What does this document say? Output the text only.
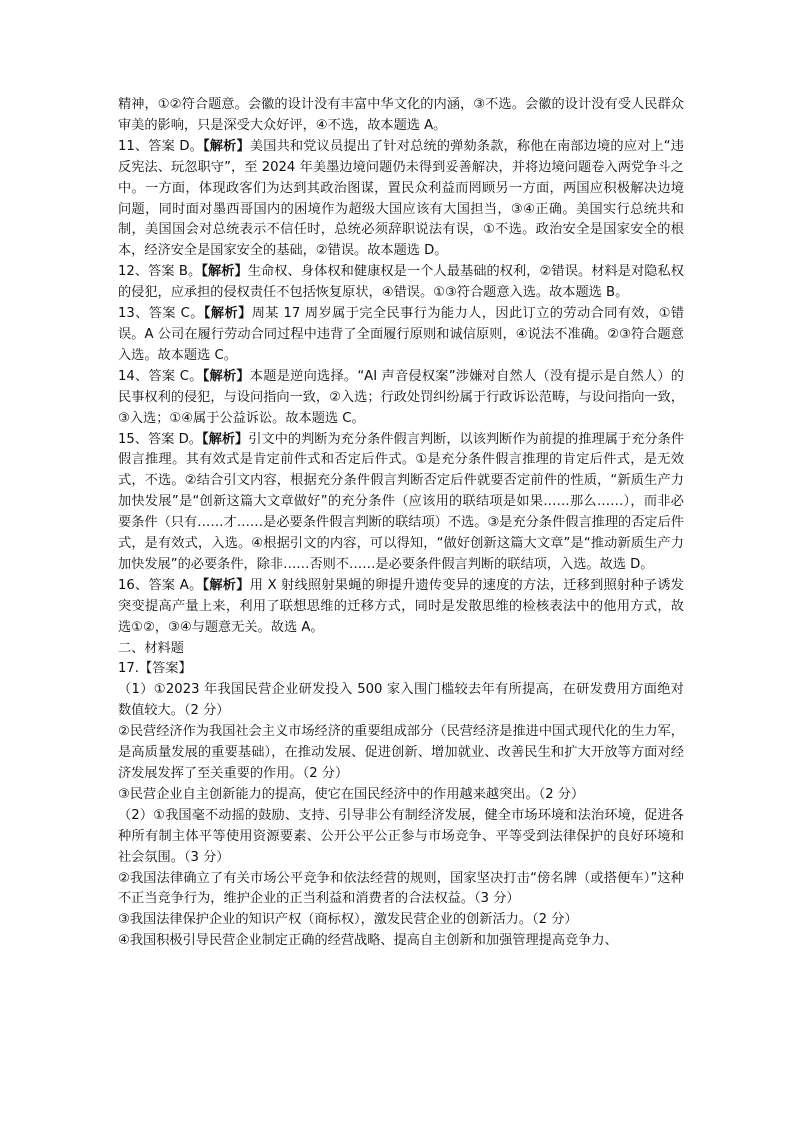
精神，①②符合题意。会徽的设计没有丰富中华文化的内涵，③不选。会徽的设计没有受人民群众审美的影响，只是深受大众好评，④不选，故本题选 A。

11、答案 D。【解析】美国共和党议员提出了针对总统的弹劾条款，称他在南部边境的应对上“违反宪法、玩忽职守”，至 2024 年美墨边境问题仍未得到妥善解决，并将边境问题卷入两党争斗之中。一方面，体现政客们为达到其政治图谋，置民众利益而罔顾另一方面，两国应积极解决边境问题，同时面对墨西哥国内的困境作为超级大国应该有大国担当，③④正确。美国实行总统共和制，美国国会对总统表示不信任时，总统必须辞职说法有误，①不选。政治安全是国家安全的根本，经济安全是国家安全的基础，②错误。故本题选 D。

12、答案 B。【解析】生命权、身体权和健康权是一个人最基础的权利，②错误。材料是对隐私权的侵犯，应承担的侵权责任不包括恢复原状，④错误。①③符合题意入选。故本题选 B。

13、答案 C。【解析】周某 17 周岁属于完全民事行为能力人，因此订立的劳动合同有效，①错误。A 公司在履行劳动合同过程中违背了全面履行原则和诚信原则，④说法不准确。②③符合题意入选。故本题选 C。

14、答案 C。【解析】本题是逆向选择。“AI 声音侵权案”涉嫌对自然人（没有提示是自然人）的民事权利的侵犯，与设问指向一致，②入选；行政处罚纠纷属于行政诉讼范畴，与设问指向一致，③入选；①④属于公益诉讼。故本题选 C。

15、答案 D。【解析】引文中的判断为充分条件假言判断，以该判断作为前提的推理属于充分条件假言推理。其有效式是肯定前件式和否定后件式。①是充分条件假言推理的肯定后件式，是无效式，不选。②结合引文内容，根据充分条件假言判断否定后件就要否定前件的性质，“新质生产力加快发展”是“创新这篇大文章做好”的充分条件（应该用的联结项是如果……那么……），而非必要条件（只有……才……是必要条件假言判断的联结项）不选。③是充分条件假言推理的否定后件式，是有效式，入选。④根据引文的内容，可以得知，“做好创新这篇大文章”是“推动新质生产力加快发展”的必要条件，除非……否则不……是必要条件假言判断的联结项，入选。故选 D。

16、答案 A。【解析】用 X 射线照射果蝇的卵提升遗传变异的速度的方法，迁移到照射种子诱发突变提高产量上来，利用了联想思维的迁移方式，同时是发散思维的检核表法中的他用方式，故选①②，③④与题意无关。故选 A。

二、材料题

17.【答案】

（1）①2023 年我国民营企业研发投入 500 家入围门槛较去年有所提高，在研发费用方面绝对数值较大。（2 分）

②民营经济作为我国社会主义市场经济的重要组成部分（民营经济是推进中国式现代化的生力军，是高质量发展的重要基础），在推动发展、促进创新、增加就业、改善民生和扩大开放等方面对经济发展发挥了至关重要的作用。（2 分）

③民营企业自主创新能力的提高，使它在国民经济中的作用越来越突出。（2 分）

（2）①我国毫不动摇的鼓励、支持、引导非公有制经济发展，健全市场环境和法治环境，促进各种所有制主体平等使用资源要素、公开公平公正参与市场竞争、平等受到法律保护的良好环境和社会氛围。（3 分）

②我国法律确立了有关市场公平竞争和依法经营的规则，国家坚决打击“傍名牌（或搭便车）”这种不正当竞争行为，维护企业的正当利益和消费者的合法权益。（3 分）

③我国法律保护企业的知识产权（商标权），激发民营企业的创新活力。（2 分）

④我国积极引导民营企业制定正确的经营战略、提高自主创新和加强管理提高竞争力、
